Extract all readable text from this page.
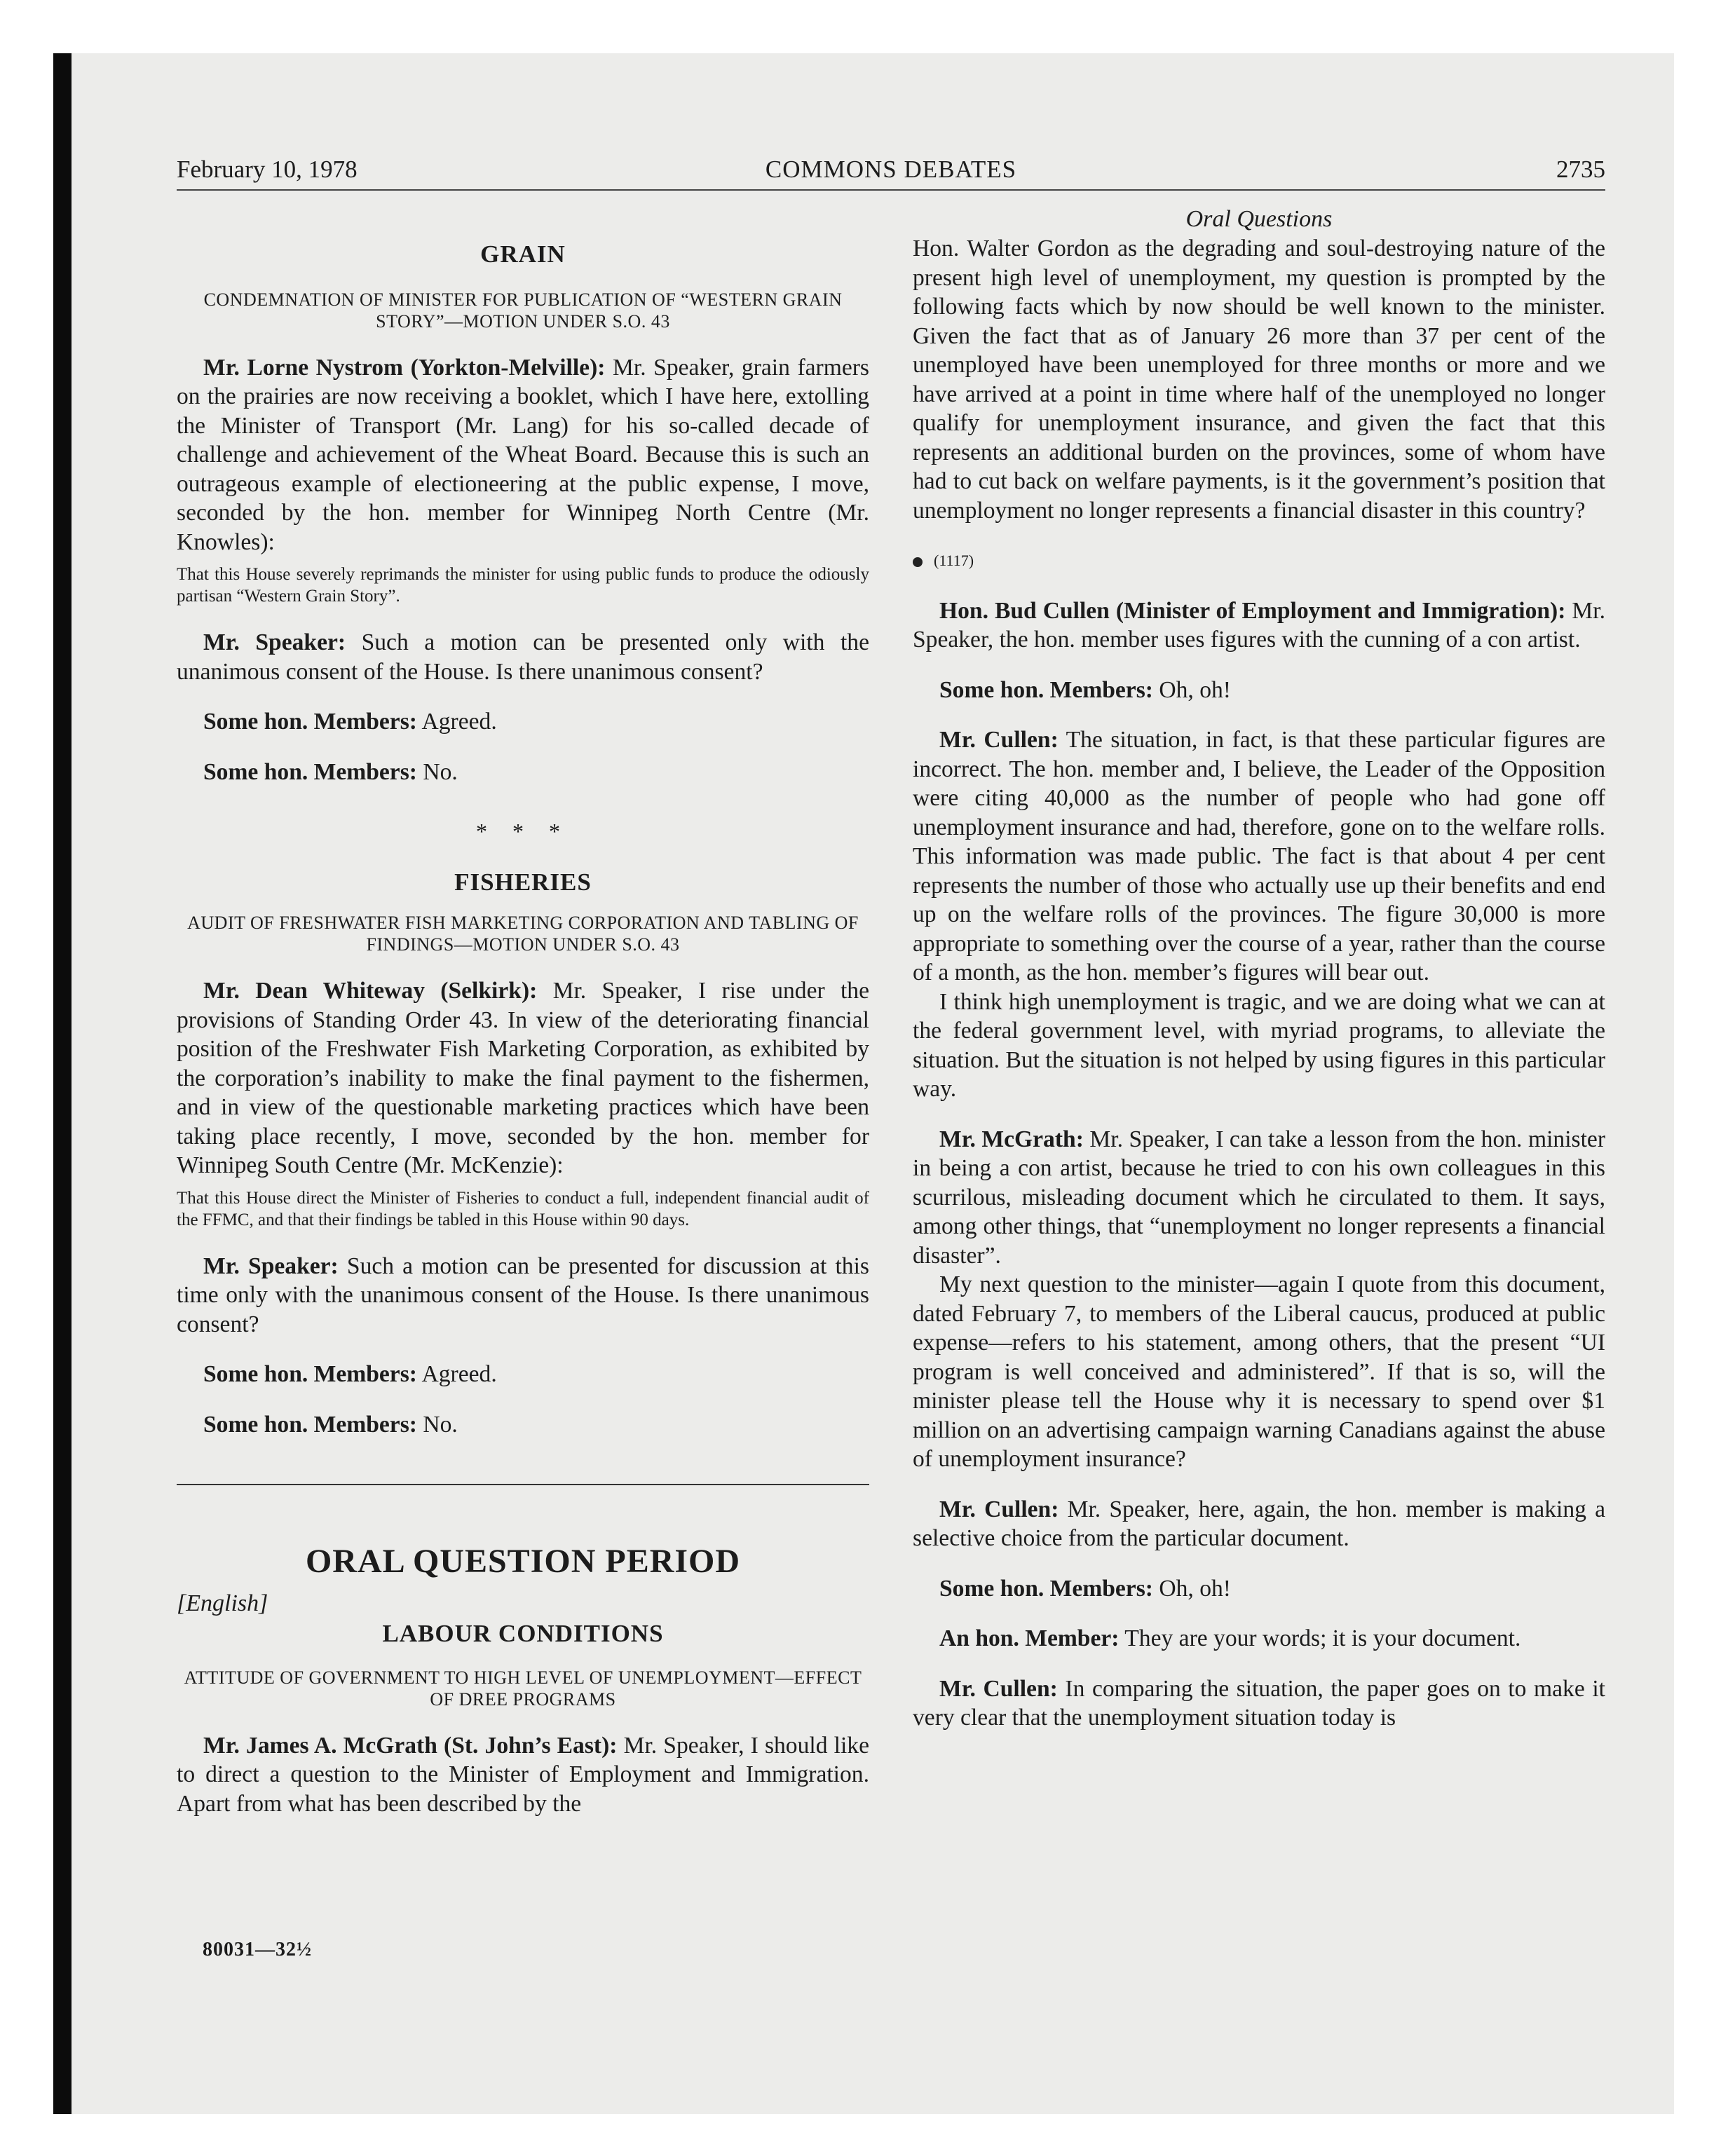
February 10, 1978	COMMONS DEBATES	2735
GRAIN
CONDEMNATION OF MINISTER FOR PUBLICATION OF “WESTERN GRAIN STORY”—MOTION UNDER S.O. 43

Mr. Lorne Nystrom (Yorkton-Melville): Mr. Speaker, grain farmers on the prairies are now receiving a booklet, which I have here, extolling the Minister of Transport (Mr. Lang) for his so-called decade of challenge and achievement of the Wheat Board. Because this is such an outrageous example of electioneering at the public expense, I move, seconded by the hon. member for Winnipeg North Centre (Mr. Knowles):

That this House severely reprimands the minister for using public funds to produce the odiously partisan “Western Grain Story”.

Mr. Speaker: Such a motion can be presented only with the unanimous consent of the House. Is there unanimous consent?

Some hon. Members: Agreed.

Some hon. Members: No.

* * *
FISHERIES
AUDIT OF FRESHWATER FISH MARKETING CORPORATION AND TABLING OF FINDINGS—MOTION UNDER S.O. 43

Mr. Dean Whiteway (Selkirk): Mr. Speaker, I rise under the provisions of Standing Order 43. In view of the deteriorating financial position of the Freshwater Fish Marketing Corporation, as exhibited by the corporation’s inability to make the final payment to the fishermen, and in view of the questionable marketing practices which have been taking place recently, I move, seconded by the hon. member for Winnipeg South Centre (Mr. McKenzie):

That this House direct the Minister of Fisheries to conduct a full, independent financial audit of the FFMC, and that their findings be tabled in this House within 90 days.

Mr. Speaker: Such a motion can be presented for discussion at this time only with the unanimous consent of the House. Is there unanimous consent?

Some hon. Members: Agreed.

Some hon. Members: No.

ORAL QUESTION PERIOD
[English]
LABOUR CONDITIONS
ATTITUDE OF GOVERNMENT TO HIGH LEVEL OF UNEMPLOYMENT—EFFECT OF DREE PROGRAMS

Mr. James A. McGrath (St. John’s East): Mr. Speaker, I should like to direct a question to the Minister of Employment and Immigration. Apart from what has been described by the

80031—32½
Oral Questions

Hon. Walter Gordon as the degrading and soul-destroying nature of the present high level of unemployment, my question is prompted by the following facts which by now should be well known to the minister. Given the fact that as of January 26 more than 37 per cent of the unemployed have been unemployed for three months or more and we have arrived at a point in time where half of the unemployed no longer qualify for unemployment insurance, and given the fact that this represents an additional burden on the provinces, some of whom have had to cut back on welfare payments, is it the government’s position that unemployment no longer represents a financial disaster in this country?

(1117)

Hon. Bud Cullen (Minister of Employment and Immigration): Mr. Speaker, the hon. member uses figures with the cunning of a con artist.

Some hon. Members: Oh, oh!

Mr. Cullen: The situation, in fact, is that these particular figures are incorrect. The hon. member and, I believe, the Leader of the Opposition were citing 40,000 as the number of people who had gone off unemployment insurance and had, therefore, gone on to the welfare rolls. This information was made public. The fact is that about 4 per cent represents the number of those who actually use up their benefits and end up on the welfare rolls of the provinces. The figure 30,000 is more appropriate to something over the course of a year, rather than the course of a month, as the hon. member’s figures will bear out.

I think high unemployment is tragic, and we are doing what we can at the federal government level, with myriad programs, to alleviate the situation. But the situation is not helped by using figures in this particular way.

Mr. McGrath: Mr. Speaker, I can take a lesson from the hon. minister in being a con artist, because he tried to con his own colleagues in this scurrilous, misleading document which he circulated to them. It says, among other things, that “unemployment no longer represents a financial disaster”.

My next question to the minister—again I quote from this document, dated February 7, to members of the Liberal caucus, produced at public expense—refers to his statement, among others, that the present “UI program is well conceived and administered”. If that is so, will the minister please tell the House why it is necessary to spend over $1 million on an advertising campaign warning Canadians against the abuse of unemployment insurance?

Mr. Cullen: Mr. Speaker, here, again, the hon. member is making a selective choice from the particular document.

Some hon. Members: Oh, oh!

An hon. Member: They are your words; it is your document.

Mr. Cullen: In comparing the situation, the paper goes on to make it very clear that the unemployment situation today is
